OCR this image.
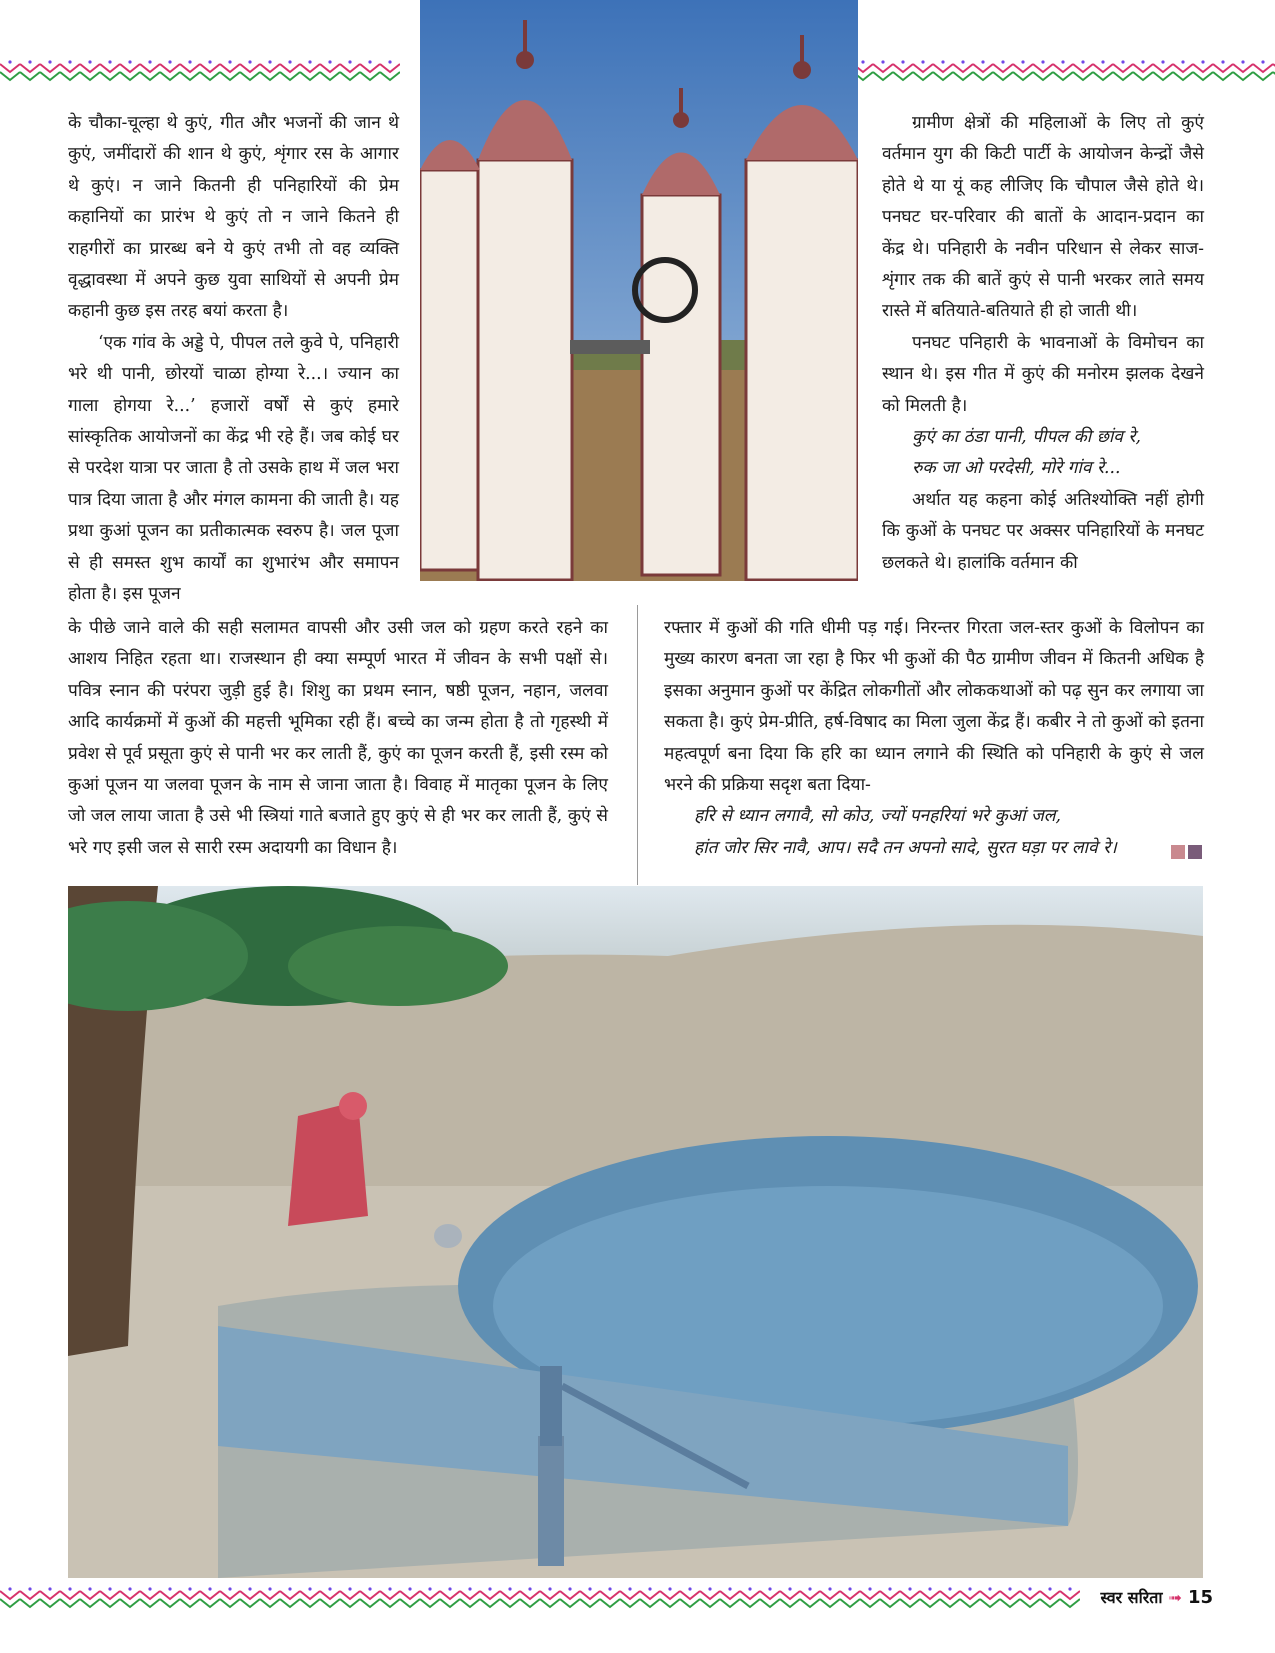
के चौका-चूल्हा थे कुएं, गीत और भजनों की जान थे कुएं, जमींदारों की शान थे कुएं, शृंगार रस के आगार थे कुएं। न जाने कितनी ही पनिहारियों की प्रेम कहानियों का प्रारंभ थे कुएं तो न जाने कितने ही राहगीरों का प्रारब्ध बने ये कुएं तभी तो वह व्यक्ति वृद्धावस्था में अपने कुछ युवा साथियों से अपनी प्रेम कहानी कुछ इस तरह बयां करता है।

‘एक गांव के अड्डे पे, पीपल तले कुवे पे, पनिहारी भरे थी पानी, छोरयों चाळा होग्या रे...। ज्यान का गाला होगया रे...’ हजारों वर्षों से कुएं हमारे सांस्कृतिक आयोजनों का केंद्र भी रहे हैं। जब कोई घर से परदेश यात्रा पर जाता है तो उसके हाथ में जल भरा पात्र दिया जाता है और मंगल कामना की जाती है। यह प्रथा कुआं पूजन का प्रतीकात्मक स्वरुप है। जल पूजा से ही समस्त शुभ कार्यों का शुभारंभ और समापन होता है। इस पूजन

ग्रामीण क्षेत्रों की महिलाओं के लिए तो कुएं वर्तमान युग की किटी पार्टी के आयोजन केन्द्रों जैसे होते थे या यूं कह लीजिए कि चौपाल जैसे होते थे। पनघट घर-परिवार की बातों के आदान-प्रदान का केंद्र थे। पनिहारी के नवीन परिधान से लेकर साज-शृंगार तक की बातें कुएं से पानी भरकर लाते समय रास्ते में बतियाते-बतियाते ही हो जाती थी।

पनघट पनिहारी के भावनाओं के विमोचन का स्थान थे। इस गीत में कुएं की मनोरम झलक देखने को मिलती है।

कुएं का ठंडा पानी, पीपल की छांव रे,

रुक जा ओ परदेसी, मोरे गांव रे...

अर्थात यह कहना कोई अतिश्योक्ति नहीं होगी कि कुओं के पनघट पर अक्सर पनिहारियों के मनघट छलकते थे। हालांकि वर्तमान की

के पीछे जाने वाले की सही सलामत वापसी और उसी जल को ग्रहण करते रहने का आशय निहित रहता था। राजस्थान ही क्या सम्पूर्ण भारत में जीवन के सभी पक्षों से। पवित्र स्नान की परंपरा जुड़ी हुई है। शिशु का प्रथम स्नान, षष्ठी पूजन, नहान, जलवा आदि कार्यक्रमों में कुओं की महत्ती भूमिका रही हैं। बच्चे का जन्म होता है तो गृहस्थी में प्रवेश से पूर्व प्रसूता कुएं से पानी भर कर लाती हैं, कुएं का पूजन करती हैं, इसी रस्म को कुआं पूजन या जलवा पूजन के नाम से जाना जाता है। विवाह में मातृका पूजन के लिए जो जल लाया जाता है उसे भी स्त्रियां गाते बजाते हुए कुएं से ही भर कर लाती हैं, कुएं से भरे गए इसी जल से सारी रस्म अदायगी का विधान है।

रफ्तार में कुओं की गति धीमी पड़ गई। निरन्तर गिरता जल-स्तर कुओं के विलोपन का मुख्य कारण बनता जा रहा है फिर भी कुओं की पैठ ग्रामीण जीवन में कितनी अधिक है इसका अनुमान कुओं पर केंद्रित लोकगीतों और लोककथाओं को पढ़ सुन कर लगाया जा सकता है। कुएं प्रेम-प्रीति, हर्ष-विषाद का मिला जुला केंद्र हैं। कबीर ने तो कुओं को इतना महत्वपूर्ण बना दिया कि हरि का ध्यान लगाने की स्थिति को पनिहारी के कुएं से जल भरने की प्रक्रिया सदृश बता दिया-

हरि से ध्यान लगावै, सो कोउ, ज्यों पनहरियां भरे कुआं जल,

हांत जोर सिर नावै, आप। सदै तन अपनो सादे, सुरत घड़ा पर लावे रे।

स्वर सरिता ➟ 15
